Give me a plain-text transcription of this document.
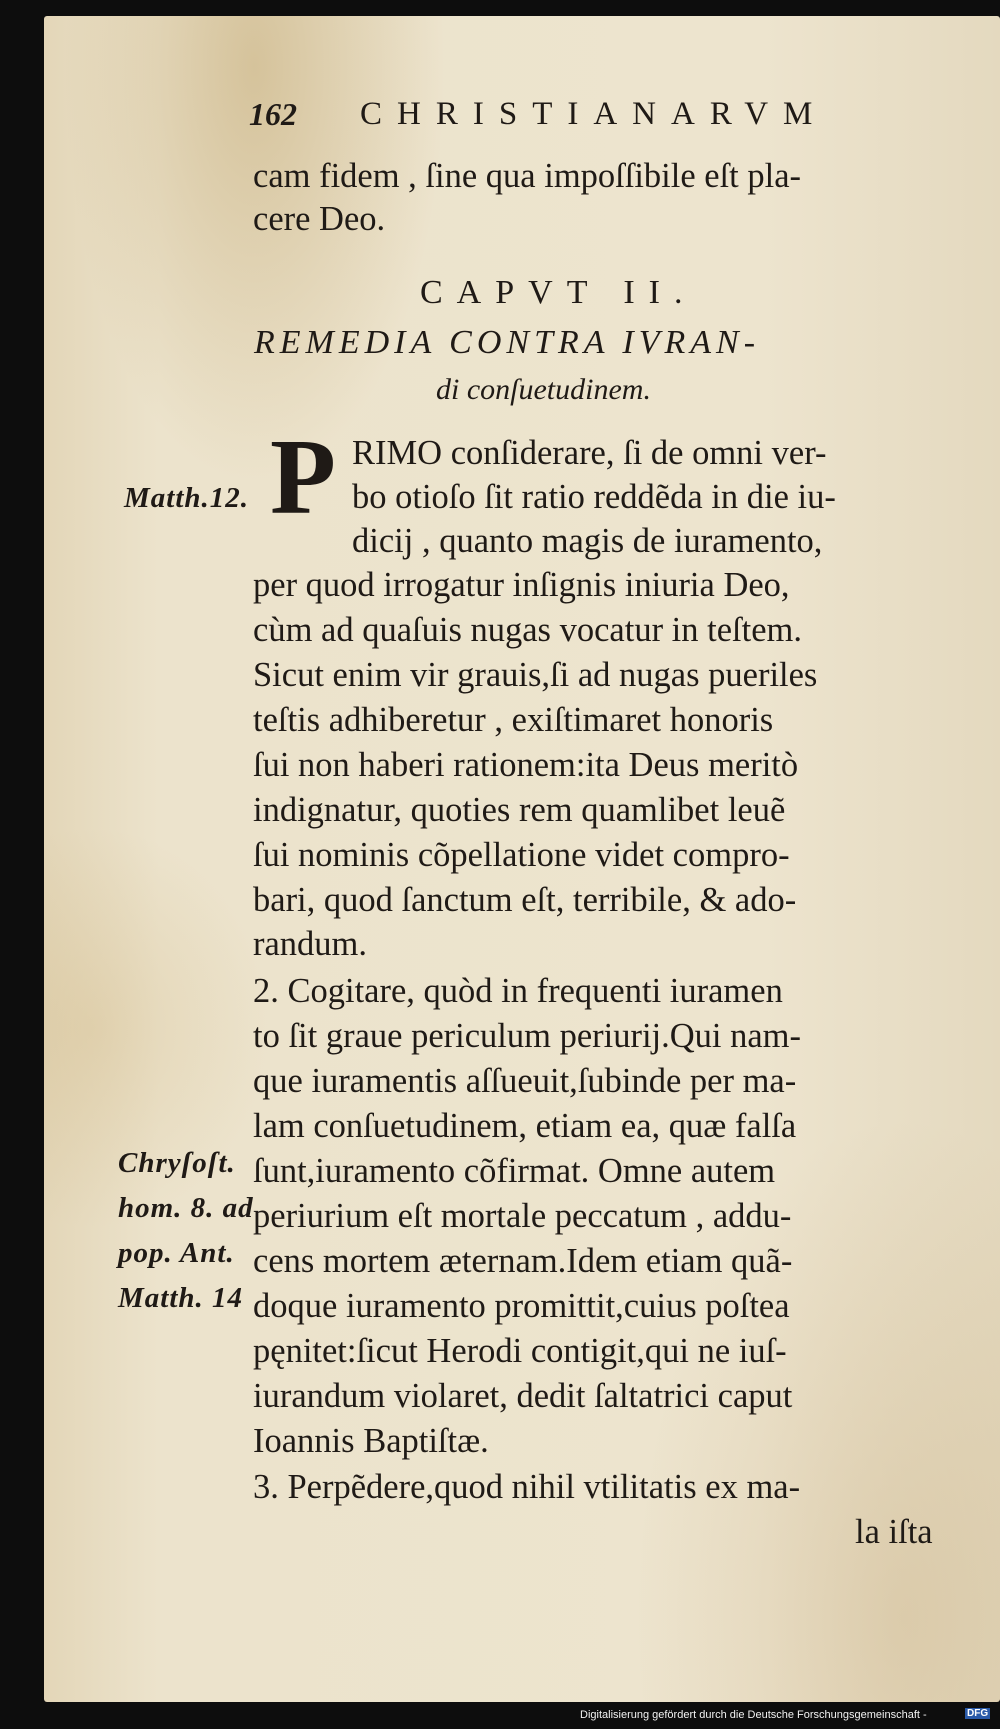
162 CHRISTIANARVM

cam fidem , ſine qua impoſſibile eſt pla-

cere Deo.

CAPVT II.

REMEDIA CONTRA IVRAN-

di conſuetudinem.

P RIMO conſiderare, ſi de omni ver-

bo otioſo ſit ratio reddẽda in die iu-

dicij , quanto magis de iuramento,

per quod irrogatur inſignis iniuria Deo,

cùm ad quaſuis nugas vocatur in teſtem.

Sicut enim vir grauis,ſi ad nugas pueriles

teſtis adhiberetur , exiſtimaret honoris

ſui non haberi rationem:ita Deus meritò

indignatur, quoties rem quamlibet leuẽ

ſui nominis cõpellatione videt compro-

bari, quod ſanctum eſt, terribile, & ado-

randum.

2. Cogitare, quòd in frequenti iuramen

to ſit graue periculum periurij.Qui nam-

que iuramentis aſſueuit,ſubinde per ma-

lam conſuetudinem, etiam ea, quæ falſa

ſunt,iuramento cõfirmat. Omne autem

periurium eſt mortale peccatum , addu-

cens mortem æternam.Idem etiam quã-

doque iuramento promittit,cuius poſtea

pęnitet:ſicut Herodi contigit,qui ne iuſ-

iurandum violaret, dedit ſaltatrici caput

Ioannis Baptiſtæ.

3. Perpẽdere,quod nihil vtilitatis ex ma-

la iſta

Matth.12.

Chryſoſt.

hom. 8. ad

pop. Ant.

Matth. 14

Digitalisierung gefördert durch die Deutsche Forschungsgemeinschaft -	DFG
